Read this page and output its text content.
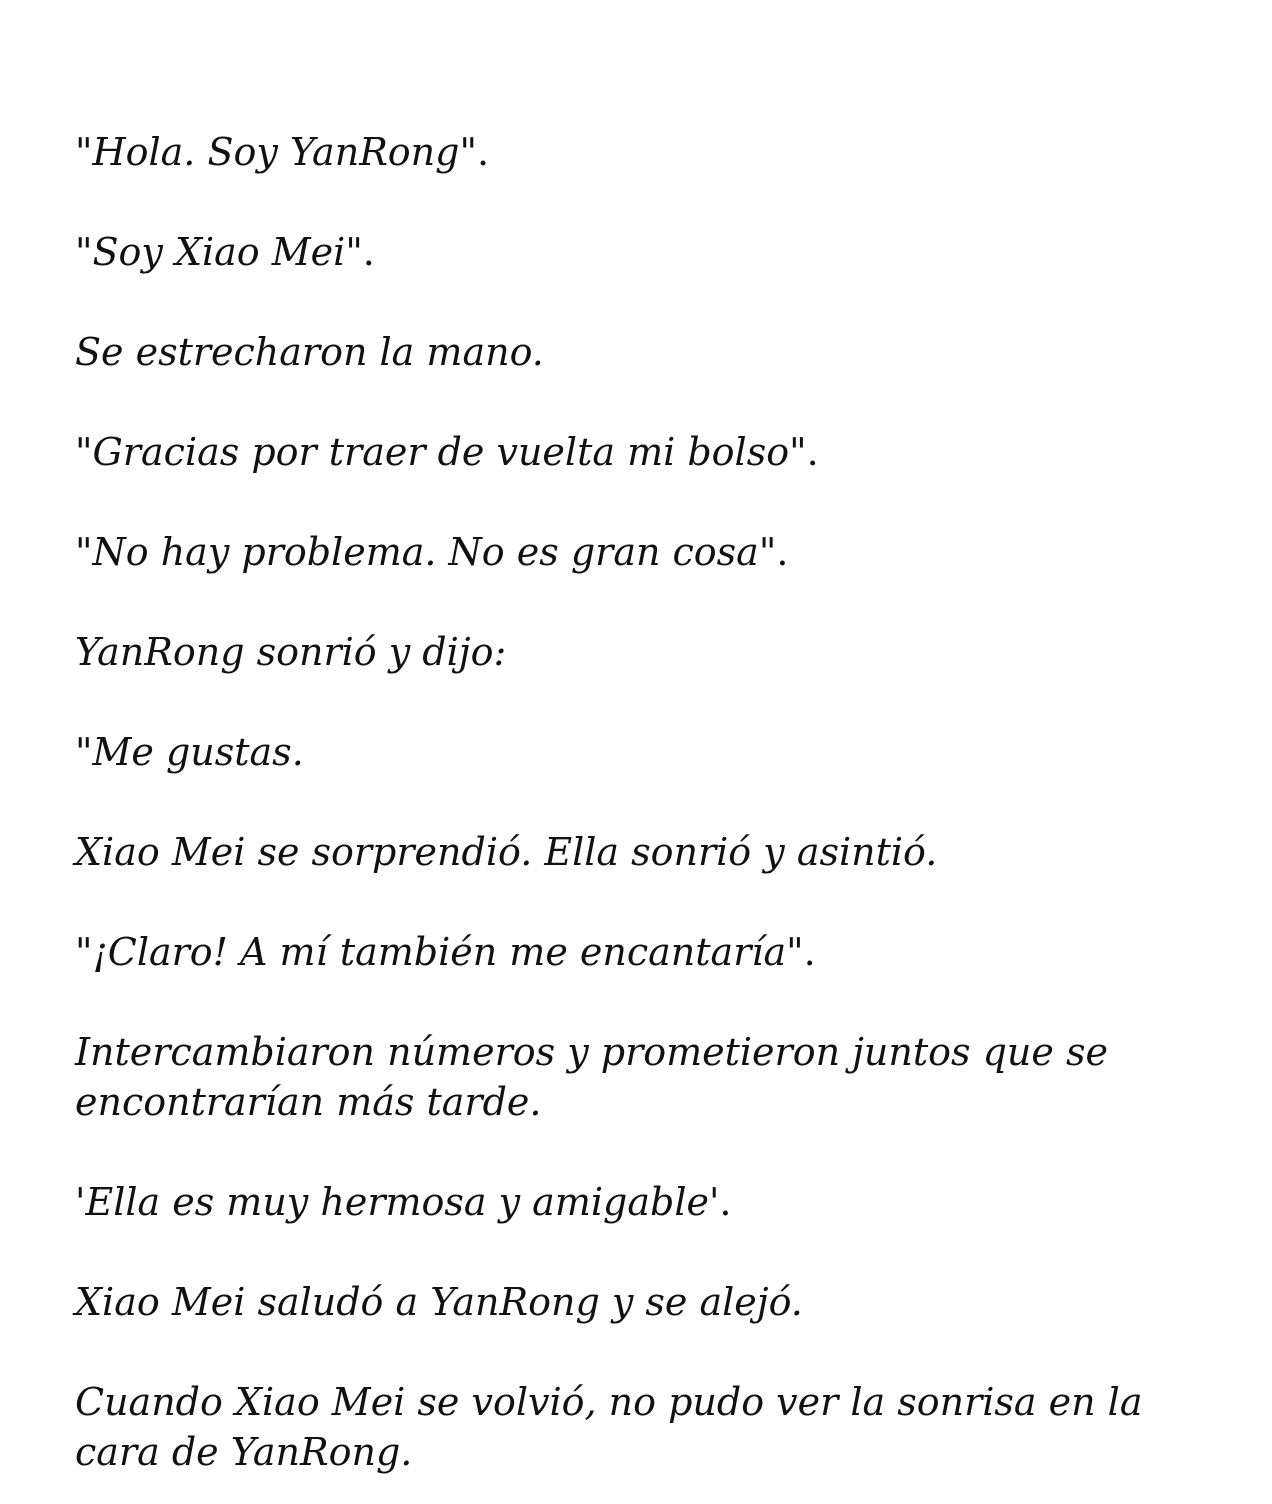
"Hola. Soy YanRong".

"Soy Xiao Mei".

Se estrecharon la mano.

"Gracias por traer de vuelta mi bolso".

"No hay problema. No es gran cosa".

YanRong sonrió y dijo:

"Me gustas.

Xiao Mei se sorprendió. Ella sonrió y asintió.

"¡Claro! A mí también me encantaría".

Intercambiaron números y prometieron juntos que se encontrarían más tarde.

'Ella es muy hermosa y amigable'.

Xiao Mei saludó a YanRong y se alejó.

Cuando Xiao Mei se volvió, no pudo ver la sonrisa en la cara de YanRong.
